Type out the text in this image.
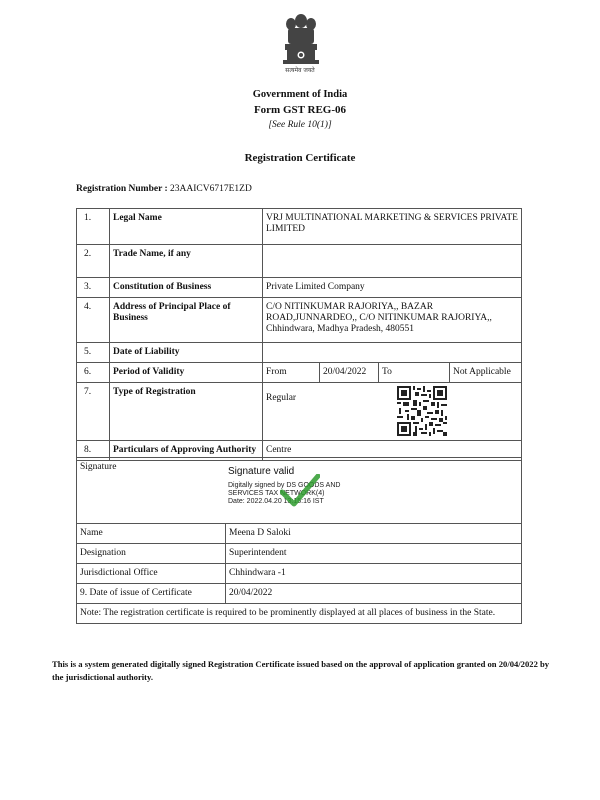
सत्यमेव जयते
Government of India
Form GST REG-06
[See Rule 10(1)]
Registration Certificate
Registration Number : 23AAICV6717E1ZD
1.	Legal Name	VRJ MULTINATIONAL MARKETING & SERVICES PRIVATE LIMITED			
2.	Trade Name, if any				
3.	Constitution of Business	Private Limited Company			
4.	Address of Principal Place of Business	C/O NITINKUMAR RAJORIYA,, BAZAR ROAD,JUNNARDEO,, C/O NITINKUMAR RAJORIYA,, Chhindwara, Madhya Pradesh, 480551			
5.	Date of Liability				
6.	Period of Validity	From	20/04/2022	To	Not Applicable
7.	Type of Registration	Regular			
8.	Particulars of Approving Authority	Centre			
Signature	
Name	Meena D Saloki
Designation	Superintendent
Jurisdictional Office	Chhindwara -1
9. Date of issue of Certificate	20/04/2022
Note: The registration certificate is required to be prominently displayed at all places of business in the State.	
Signature valid
Digitally signed by DS GOODS AND
SERVICES TAX NETWORK(4)
Date: 2022.04.20 13:15:16 IST
This is a system generated digitally signed Registration Certificate issued based on the approval of application granted on 20/04/2022 by the jurisdictional authority.
